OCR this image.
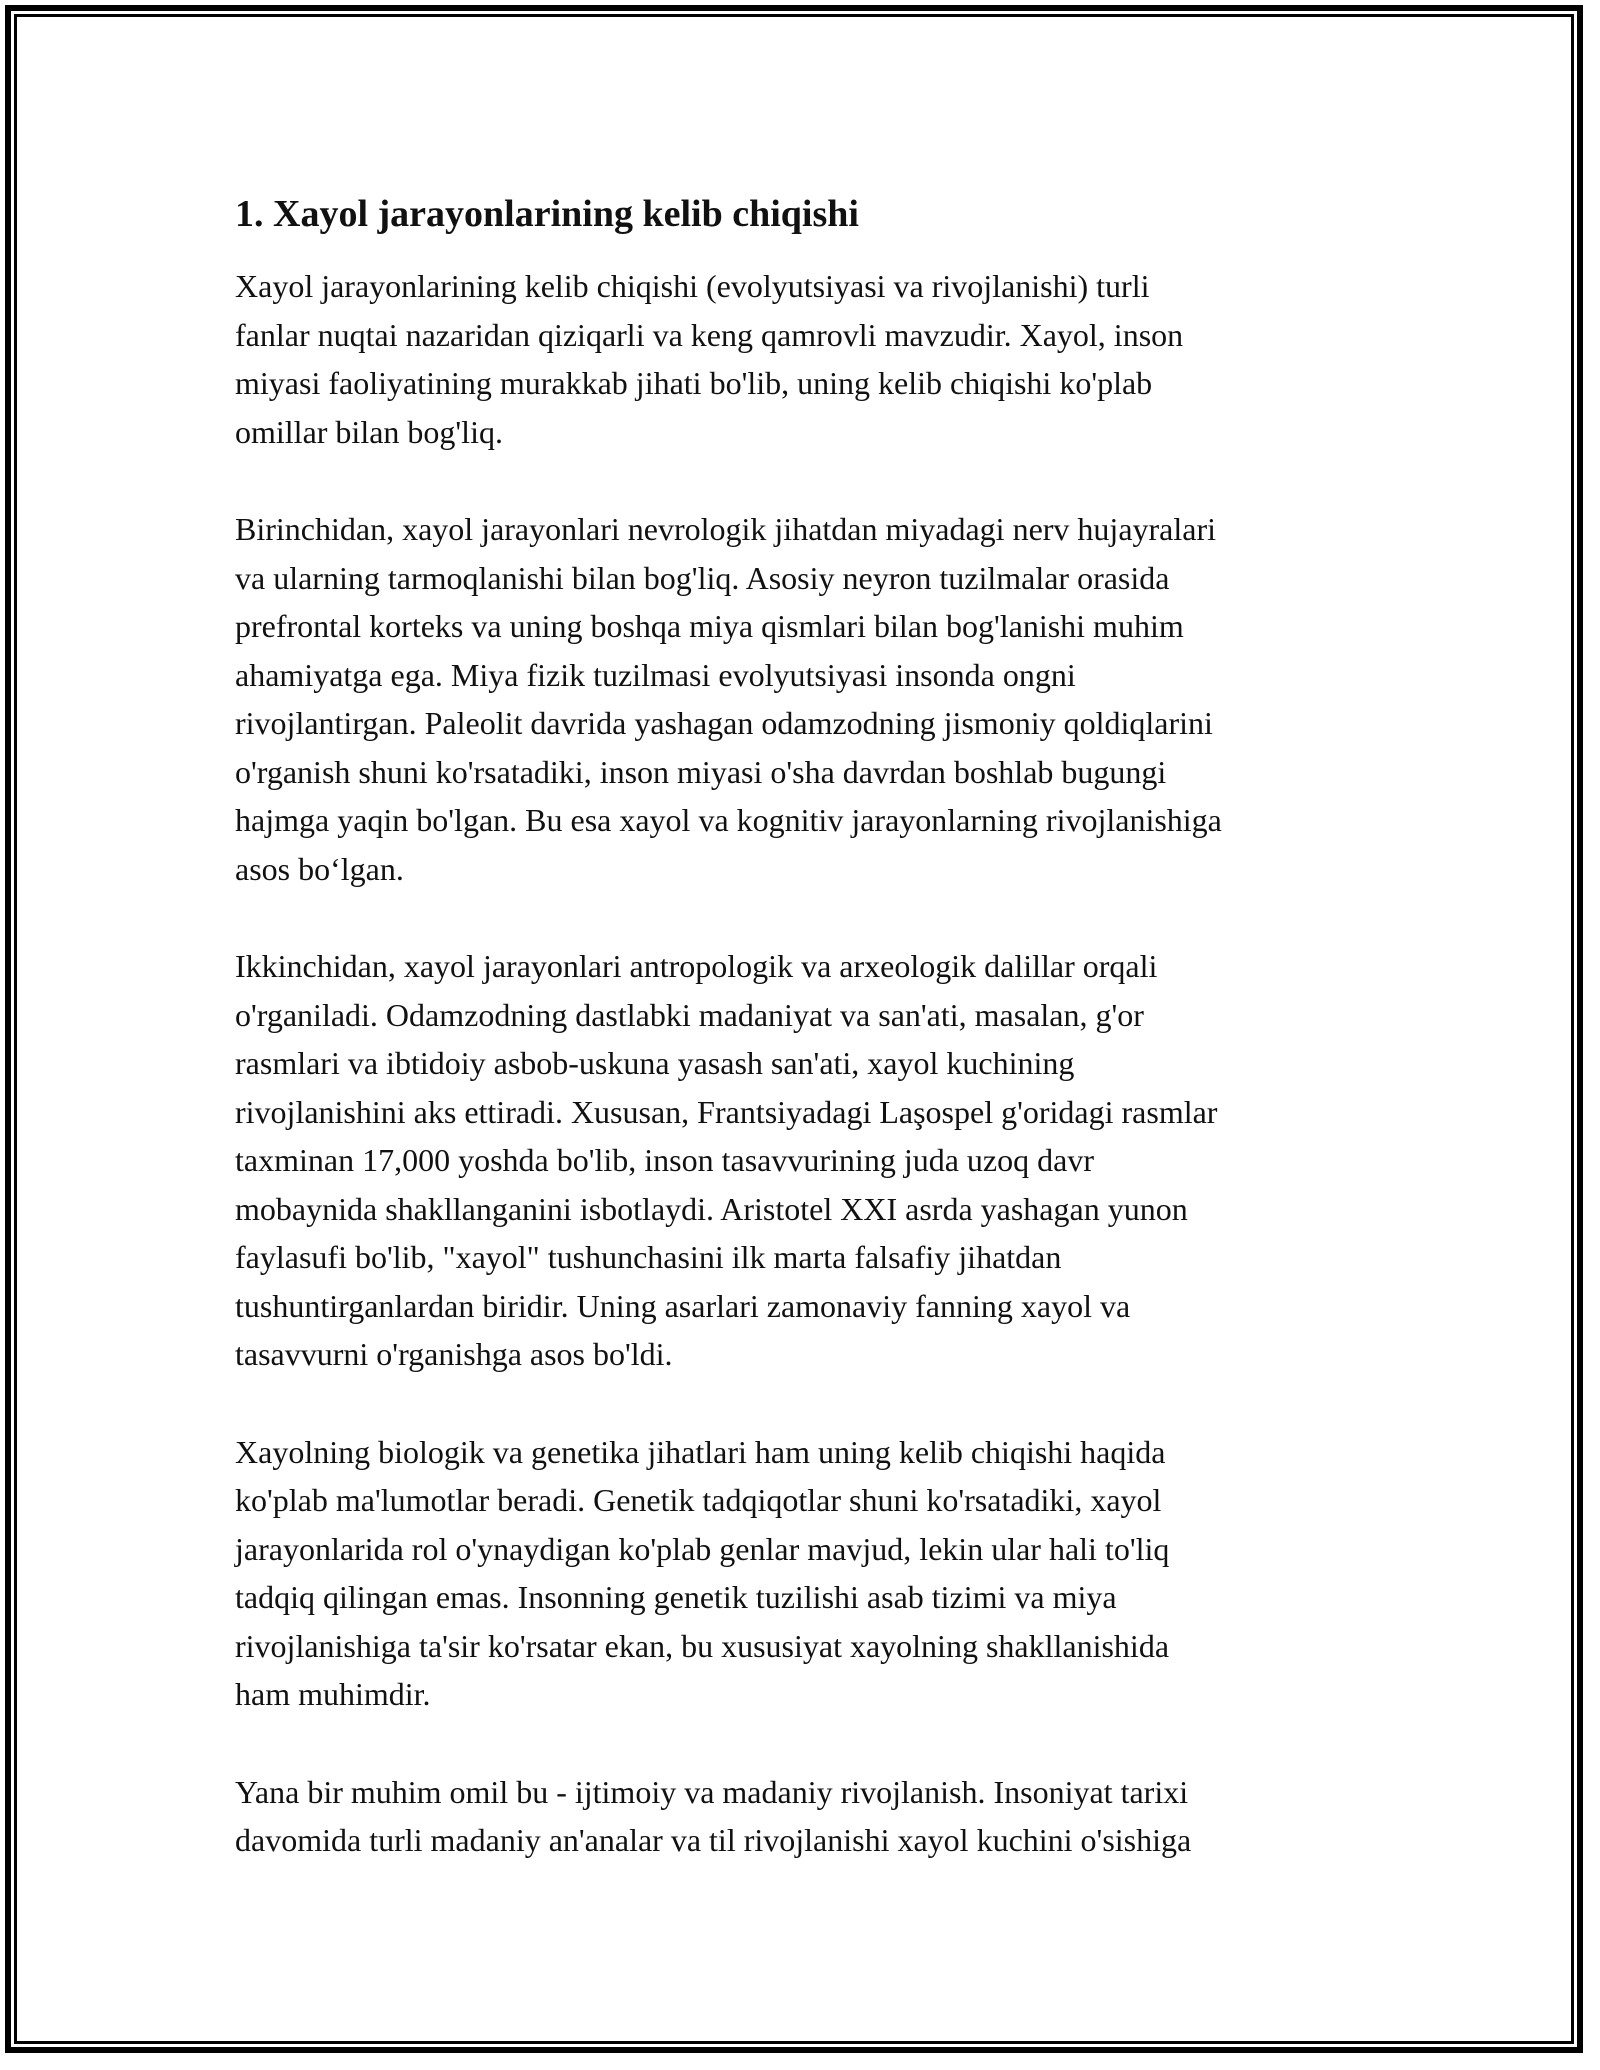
1. Xayol jarayonlarining kelib chiqishi

Xayol jarayonlarining kelib chiqishi (evolyutsiyasi va rivojlanishi) turli
fanlar nuqtai nazaridan qiziqarli va keng qamrovli mavzudir. Xayol, inson
miyasi faoliyatining murakkab jihati bo'lib, uning kelib chiqishi ko'plab
omillar bilan bog'liq.

Birinchidan, xayol jarayonlari nevrologik jihatdan miyadagi nerv hujayralari
va ularning tarmoqlanishi bilan bog'liq. Asosiy neyron tuzilmalar orasida
prefrontal korteks va uning boshqa miya qismlari bilan bog'lanishi muhim
ahamiyatga ega. Miya fizik tuzilmasi evolyutsiyasi insonda ongni
rivojlantirgan. Paleolit davrida yashagan odamzodning jismoniy qoldiqlarini
o'rganish shuni ko'rsatadiki, inson miyasi o'sha davrdan boshlab bugungi
hajmga yaqin bo'lgan. Bu esa xayol va kognitiv jarayonlarning rivojlanishiga
asos bo‘lgan.

Ikkinchidan, xayol jarayonlari antropologik va arxeologik dalillar orqali
o'rganiladi. Odamzodning dastlabki madaniyat va san'ati, masalan, g'or
rasmlari va ibtidoiy asbob-uskuna yasash san'ati, xayol kuchining
rivojlanishini aks ettiradi. Xususan, Frantsiyadagi Laşospel g'oridagi rasmlar
taxminan 17,000 yoshda bo'lib, inson tasavvurining juda uzoq davr
mobaynida shakllanganini isbotlaydi. Aristotel XXI asrda yashagan yunon
faylasufi bo'lib, "xayol" tushunchasini ilk marta falsafiy jihatdan
tushuntirganlardan biridir. Uning asarlari zamonaviy fanning xayol va
tasavvurni o'rganishga asos bo'ldi.

Xayolning biologik va genetika jihatlari ham uning kelib chiqishi haqida
ko'plab ma'lumotlar beradi. Genetik tadqiqotlar shuni ko'rsatadiki, xayol
jarayonlarida rol o'ynaydigan ko'plab genlar mavjud, lekin ular hali to'liq
tadqiq qilingan emas. Insonning genetik tuzilishi asab tizimi va miya
rivojlanishiga ta'sir ko'rsatar ekan, bu xususiyat xayolning shakllanishida
ham muhimdir.

Yana bir muhim omil bu - ijtimoiy va madaniy rivojlanish. Insoniyat tarixi
davomida turli madaniy an'analar va til rivojlanishi xayol kuchini o'sishiga
